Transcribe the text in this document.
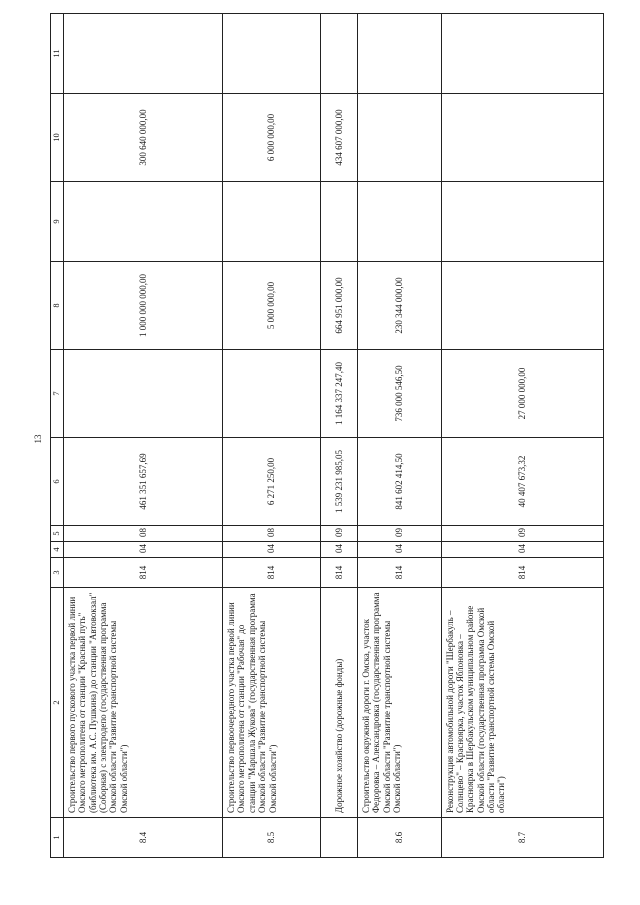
13
1	2	3	4	5	6	7	8	9	10	11
8.4	Строительство первого пускового участка первой линии Омского метрополитена от станции "Красный путь" (библиотека им. А.С. Пушкина) до станции "Автовокзал" (Соборная) с электродепо (государственная программа Омской области "Развитие транспортной системы Омской области")	814	04	08	461 351 657,69		1 000 000 000,00		300 640 000,00	
8.5	Строительство первоочередного участка первой линии Омского метрополитена от станции "Рабочая" до станции "Маршала Жукова" (государственная программа Омской области "Развитие транспортной системы Омской области")	814	04	08	6 271 250,00		5 000 000,00		6 000 000,00	
	Дорожное хозяйство (дорожные фонды)	814	04	09	1 539 231 985,05	1 164 337 247,40	664 951 000,00		434 607 000,00	
8.6	Строительство окружной дороги г. Омска, участок Федоровка – Александровка (государственная программа Омской области "Развитие транспортной системы Омской области")	814	04	09	841 602 414,50	736 000 546,50	230 344 000,00			
8.7	Реконструкция автомобильной дороги "Шербакуль – Солнцево" – Красноярка, участок Яблоновка – Красноярка в Шербакульском муниципальном районе Омской области (государственная программа Омской области "Развитие транспортной системы Омской области")	814	04	09	40 407 673,32	27 000 000,00				
